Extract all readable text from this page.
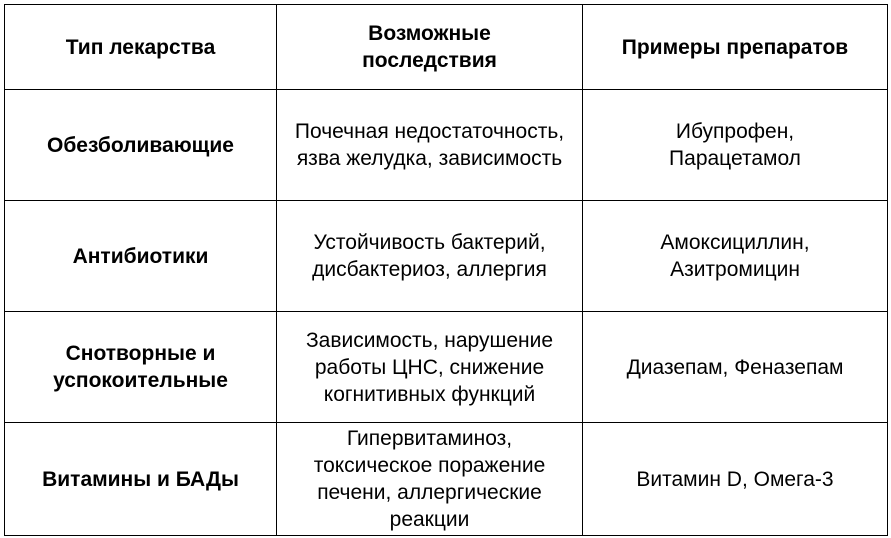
Тип лекарства	Возможные последствия	Примеры препаратов
Обезболивающие	Почечная недостаточность, язва желудка, зависимость	Ибупрофен, Парацетамол
Антибиотики	Устойчивость бактерий, дисбактериоз, аллергия	Амоксициллин, Азитромицин
Снотворные и успокоительные	Зависимость, нарушение работы ЦНС, снижение когнитивных функций	Диазепам, Феназепам
Витамины и БАДы	Гипервитаминоз, токсическое поражение печени, аллергические реакции	Витамин D, Омега-3
